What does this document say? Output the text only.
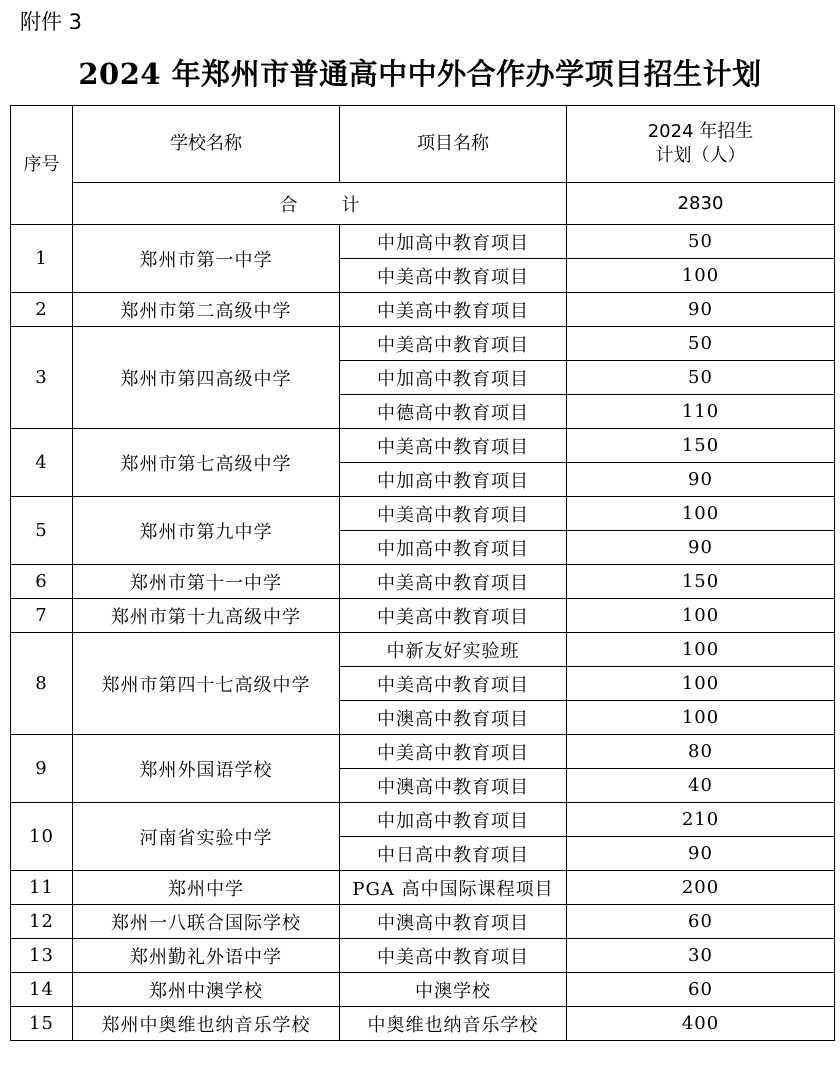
附件 3
2024 年郑州市普通高中中外合作办学项目招生计划
序号	学校名称	项目名称	2024 年招生
计划（人）

	合计		2830
1	郑州市第一中学	中加高中教育项目	50
		中美高中教育项目	100
2	郑州市第二高级中学	中美高中教育项目	90
3	郑州市第四高级中学	中美高中教育项目	50
		中加高中教育项目	50
		中德高中教育项目	110
4	郑州市第七高级中学	中美高中教育项目	150
		中加高中教育项目	90
5	郑州市第九中学	中美高中教育项目	100
		中加高中教育项目	90
6	郑州市第十一中学	中美高中教育项目	150
7	郑州市第十九高级中学	中美高中教育项目	100
8	郑州市第四十七高级中学	中新友好实验班	100
		中美高中教育项目	100
		中澳高中教育项目	100
9	郑州外国语学校	中美高中教育项目	80
		中澳高中教育项目	40
10	河南省实验中学	中加高中教育项目	210
		中日高中教育项目	90
11	郑州中学	PGA 高中国际课程项目	200
12	郑州一八联合国际学校	中澳高中教育项目	60
13	郑州勤礼外语中学	中美高中教育项目	30
14	郑州中澳学校	中澳学校	60
15	郑州中奥维也纳音乐学校	中奥维也纳音乐学校	400
